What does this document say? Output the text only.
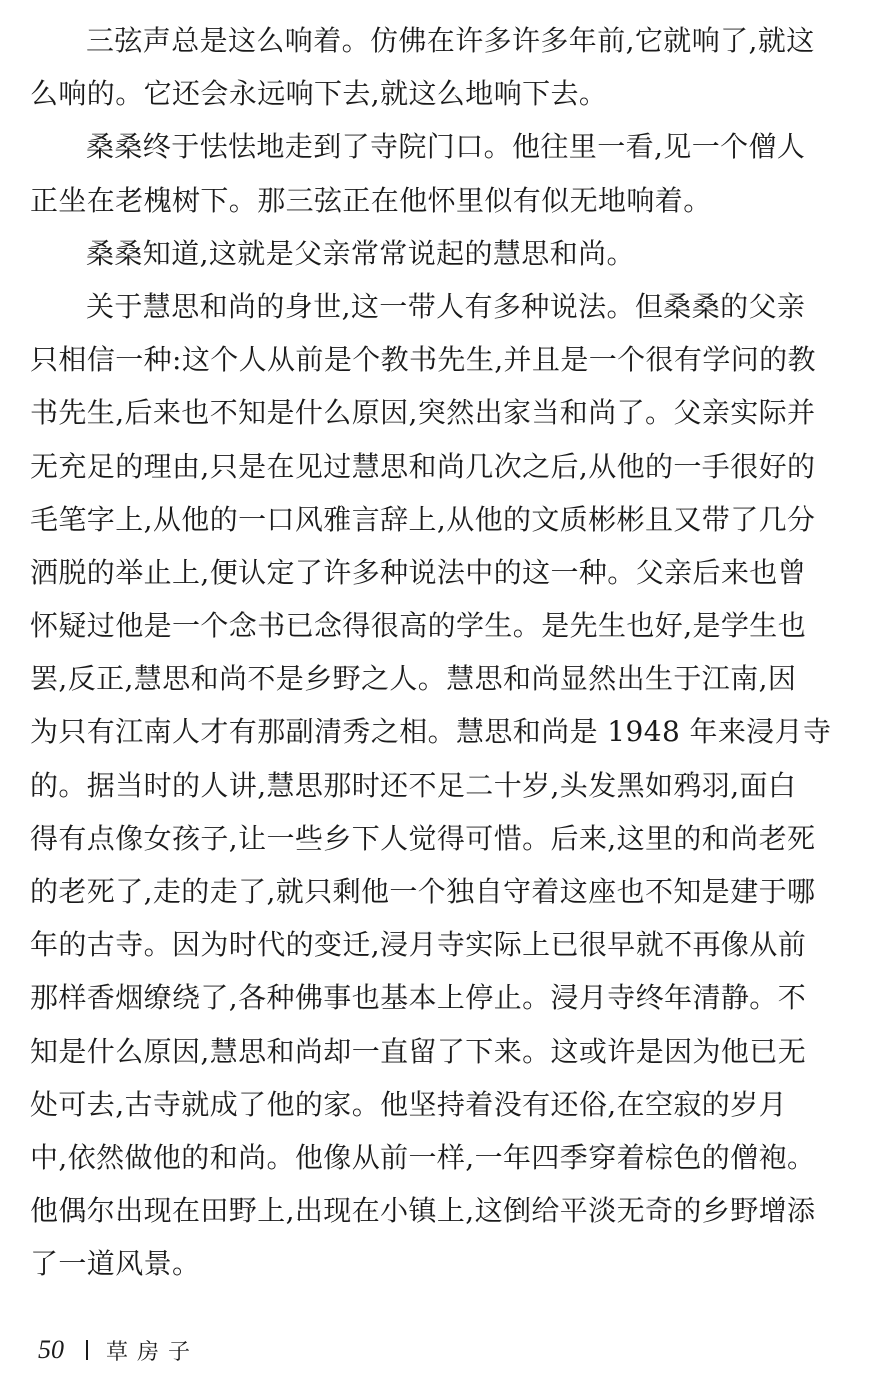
三弦声总是这么响着。仿佛在许多许多年前,它就响了,就这
么响的。它还会永远响下去,就这么地响下去。
桑桑终于怯怯地走到了寺院门口。他往里一看,见一个僧人
正坐在老槐树下。那三弦正在他怀里似有似无地响着。
桑桑知道,这就是父亲常常说起的慧思和尚。
关于慧思和尚的身世,这一带人有多种说法。但桑桑的父亲
只相信一种:这个人从前是个教书先生,并且是一个很有学问的教
书先生,后来也不知是什么原因,突然出家当和尚了。父亲实际并
无充足的理由,只是在见过慧思和尚几次之后,从他的一手很好的
毛笔字上,从他的一口风雅言辞上,从他的文质彬彬且又带了几分
洒脱的举止上,便认定了许多种说法中的这一种。父亲后来也曾
怀疑过他是一个念书已念得很高的学生。是先生也好,是学生也
罢,反正,慧思和尚不是乡野之人。慧思和尚显然出生于江南,因
为只有江南人才有那副清秀之相。慧思和尚是 1948 年来浸月寺
的。据当时的人讲,慧思那时还不足二十岁,头发黑如鸦羽,面白
得有点像女孩子,让一些乡下人觉得可惜。后来,这里的和尚老死
的老死了,走的走了,就只剩他一个独自守着这座也不知是建于哪
年的古寺。因为时代的变迁,浸月寺实际上已很早就不再像从前
那样香烟缭绕了,各种佛事也基本上停止。浸月寺终年清静。不
知是什么原因,慧思和尚却一直留了下来。这或许是因为他已无
处可去,古寺就成了他的家。他坚持着没有还俗,在空寂的岁月
中,依然做他的和尚。他像从前一样,一年四季穿着棕色的僧袍。
他偶尔出现在田野上,出现在小镇上,这倒给平淡无奇的乡野增添
了一道风景。
50 草房子
